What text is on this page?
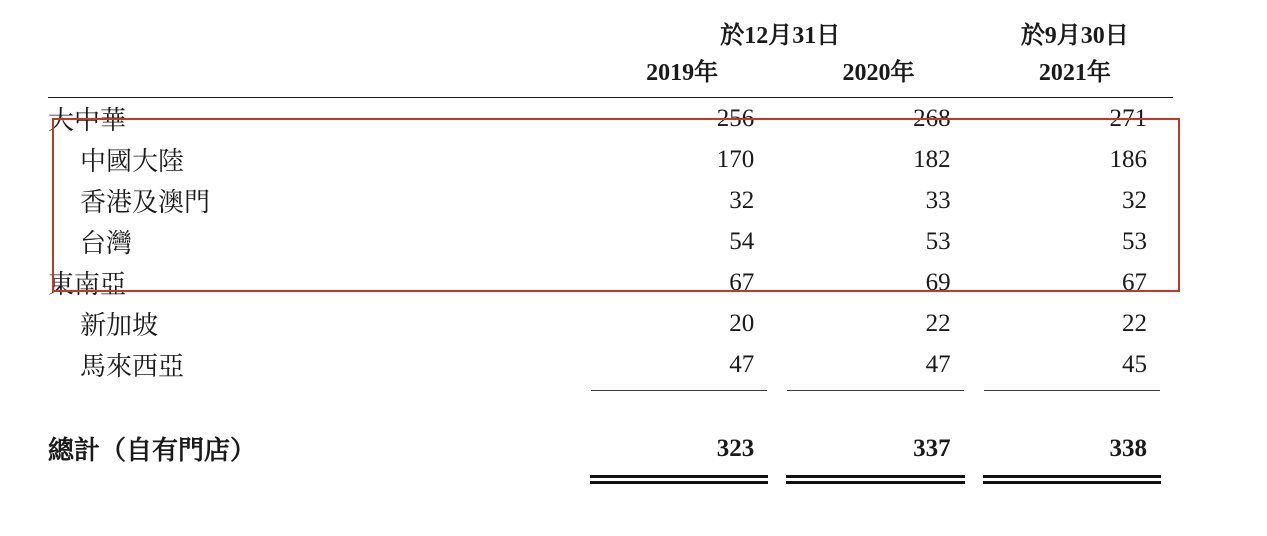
	於12月31日		於9月30日
	2019年	2020年	2021年

大中華	256	268	271
中國大陸	170	182	186
香港及澳門	32	33	32
台灣	54	53	53
東南亞	67	69	67
新加坡	20	22	22
馬來西亞	47	47	45

總計（自有門店）	323	337	338
